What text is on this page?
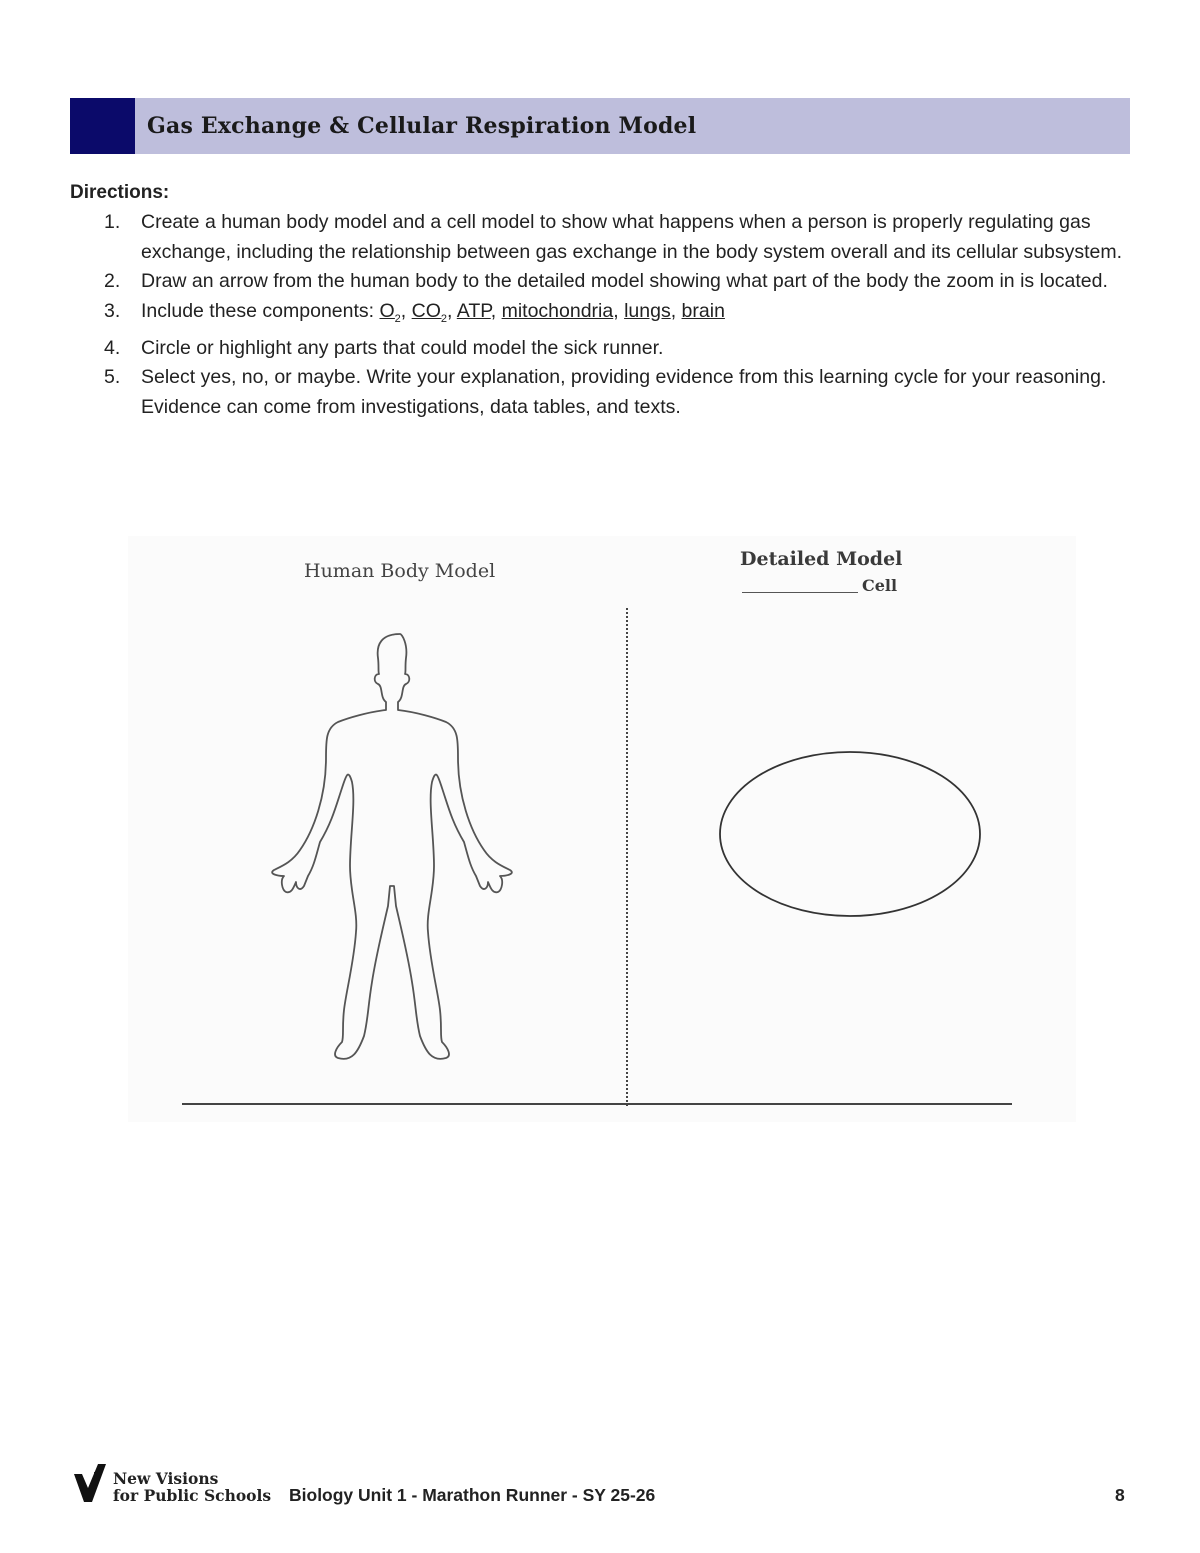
Gas Exchange & Cellular Respiration Model
Directions:
1. Create a human body model and a cell model to show what happens when a person is properly regulating gas exchange, including the relationship between gas exchange in the body system overall and its cellular subsystem.
2. Draw an arrow from the human body to the detailed model showing what part of the body the zoom in is located.
3. Include these components: $O_2$, $CO_2$, ATP, mitochondria, lungs, brain
4. Circle or highlight any parts that could model the sick runner.
5. Select yes, no, or maybe. Write your explanation, providing evidence from this learning cycle for your reasoning. Evidence can come from investigations, data tables, and texts.
Human Body Model
Detailed Model
Cell
New Visions
for Public Schools Biology Unit 1 - Marathon Runner - SY 25-26	8
